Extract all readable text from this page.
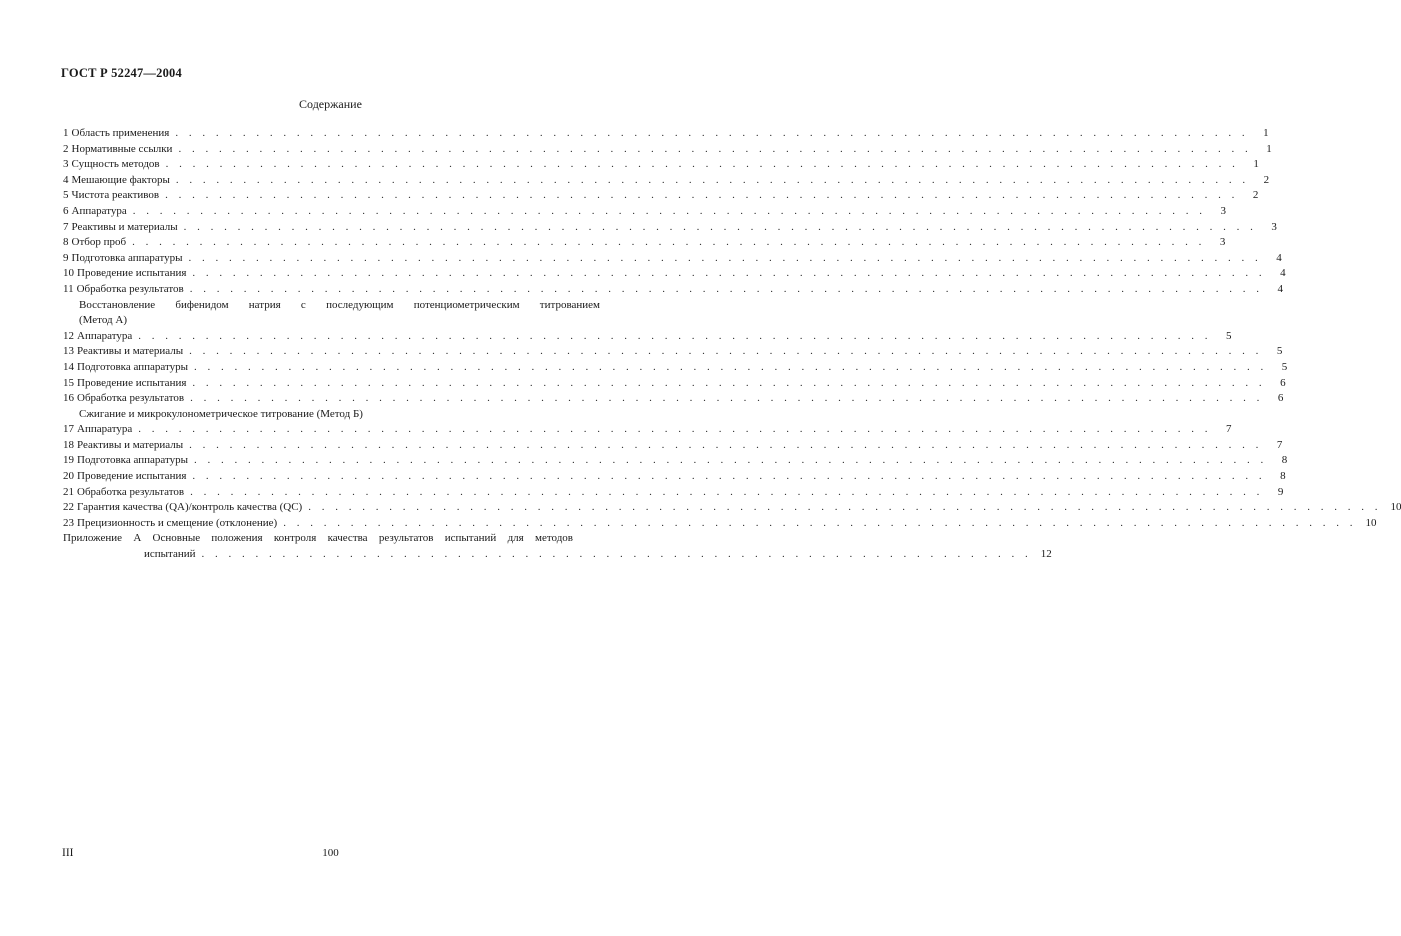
ГОСТ Р 52247—2004
Содержание
1 Область применения . . . . . . . . . . . . . . . . . . . . . . . . . . . . . . . . . . . . . . . . . . . . . . . . . . . . . . . . . . . . . . . . . . . . . . . . . . . . . . . .	1
2 Нормативные ссылки . . . . . . . . . . . . . . . . . . . . . . . . . . . . . . . . . . . . . . . . . . . . . . . . . . . . . . . . . . . . . . . . . . . . . . . . . . . . . . . .	1
3 Сущность методов . . . . . . . . . . . . . . . . . . . . . . . . . . . . . . . . . . . . . . . . . . . . . . . . . . . . . . . . . . . . . . . . . . . . . . . . . . . . . . . .	1
4 Мешающие факторы . . . . . . . . . . . . . . . . . . . . . . . . . . . . . . . . . . . . . . . . . . . . . . . . . . . . . . . . . . . . . . . . . . . . . . . . . . . . . . . .	2
5 Чистота реактивов . . . . . . . . . . . . . . . . . . . . . . . . . . . . . . . . . . . . . . . . . . . . . . . . . . . . . . . . . . . . . . . . . . . . . . . . . . . . . . . .	2
6 Аппаратура . . . . . . . . . . . . . . . . . . . . . . . . . . . . . . . . . . . . . . . . . . . . . . . . . . . . . . . . . . . . . . . . . . . . . . . . . . . . . . . .	3
7 Реактивы и материалы . . . . . . . . . . . . . . . . . . . . . . . . . . . . . . . . . . . . . . . . . . . . . . . . . . . . . . . . . . . . . . . . . . . . . . . . . . . . . . . .	3
8 Отбор проб . . . . . . . . . . . . . . . . . . . . . . . . . . . . . . . . . . . . . . . . . . . . . . . . . . . . . . . . . . . . . . . . . . . . . . . . . . . . . . . .	3
9 Подготовка аппаратуры . . . . . . . . . . . . . . . . . . . . . . . . . . . . . . . . . . . . . . . . . . . . . . . . . . . . . . . . . . . . . . . . . . . . . . . . . . . . . . . .	4
10 Проведение испытания . . . . . . . . . . . . . . . . . . . . . . . . . . . . . . . . . . . . . . . . . . . . . . . . . . . . . . . . . . . . . . . . . . . . . . . . . . . . . . . .	4
11 Обработка результатов . . . . . . . . . . . . . . . . . . . . . . . . . . . . . . . . . . . . . . . . . . . . . . . . . . . . . . . . . . . . . . . . . . . . . . . . . . . . . . . .	4
Восстановление бифенидом натрия с последующим потенциометрическим титрованием
(Метод А)
12 Аппаратура . . . . . . . . . . . . . . . . . . . . . . . . . . . . . . . . . . . . . . . . . . . . . . . . . . . . . . . . . . . . . . . . . . . . . . . . . . . . . . . .	5
13 Реактивы и материалы . . . . . . . . . . . . . . . . . . . . . . . . . . . . . . . . . . . . . . . . . . . . . . . . . . . . . . . . . . . . . . . . . . . . . . . . . . . . . . . .	5
14 Подготовка аппаратуры . . . . . . . . . . . . . . . . . . . . . . . . . . . . . . . . . . . . . . . . . . . . . . . . . . . . . . . . . . . . . . . . . . . . . . . . . . . . . . . .	5
15 Проведение испытания . . . . . . . . . . . . . . . . . . . . . . . . . . . . . . . . . . . . . . . . . . . . . . . . . . . . . . . . . . . . . . . . . . . . . . . . . . . . . . . .	6
16 Обработка результатов . . . . . . . . . . . . . . . . . . . . . . . . . . . . . . . . . . . . . . . . . . . . . . . . . . . . . . . . . . . . . . . . . . . . . . . . . . . . . . . .	6
Сжигание и микрокулонометрическое титрование (Метод Б)
17 Аппаратура . . . . . . . . . . . . . . . . . . . . . . . . . . . . . . . . . . . . . . . . . . . . . . . . . . . . . . . . . . . . . . . . . . . . . . . . . . . . . . . .	7
18 Реактивы и материалы . . . . . . . . . . . . . . . . . . . . . . . . . . . . . . . . . . . . . . . . . . . . . . . . . . . . . . . . . . . . . . . . . . . . . . . . . . . . . . . .	7
19 Подготовка аппаратуры . . . . . . . . . . . . . . . . . . . . . . . . . . . . . . . . . . . . . . . . . . . . . . . . . . . . . . . . . . . . . . . . . . . . . . . . . . . . . . . .	8
20 Проведение испытания . . . . . . . . . . . . . . . . . . . . . . . . . . . . . . . . . . . . . . . . . . . . . . . . . . . . . . . . . . . . . . . . . . . . . . . . . . . . . . . .	8
21 Обработка результатов . . . . . . . . . . . . . . . . . . . . . . . . . . . . . . . . . . . . . . . . . . . . . . . . . . . . . . . . . . . . . . . . . . . . . . . . . . . . . . . .	9
22 Гарантия качества (QA)/контроль качества (QC) . . . . . . . . . . . . . . . . . . . . . . . . . . . . . . . . . . . . . . . . . . . . . . . . . . . . . . . . . . . . . . . . . . . . . . . . . . . . . . . . 10
23 Прецизионность и смещение (отклонение) . . . . . . . . . . . . . . . . . . . . . . . . . . . . . . . . . . . . . . . . . . . . . . . . . . . . . . . . . . . . . . . . . . . . . . . . . . . . . . . . 10
Приложение А Основные положения контроля качества результатов испытаний для методов
испытаний . . . . . . . . . . . . . . . . . . . . . . . . . . . . . . . . . . . . . . . . . . . . . . . . . . . . . . . . . . . . . . 12
III	100
